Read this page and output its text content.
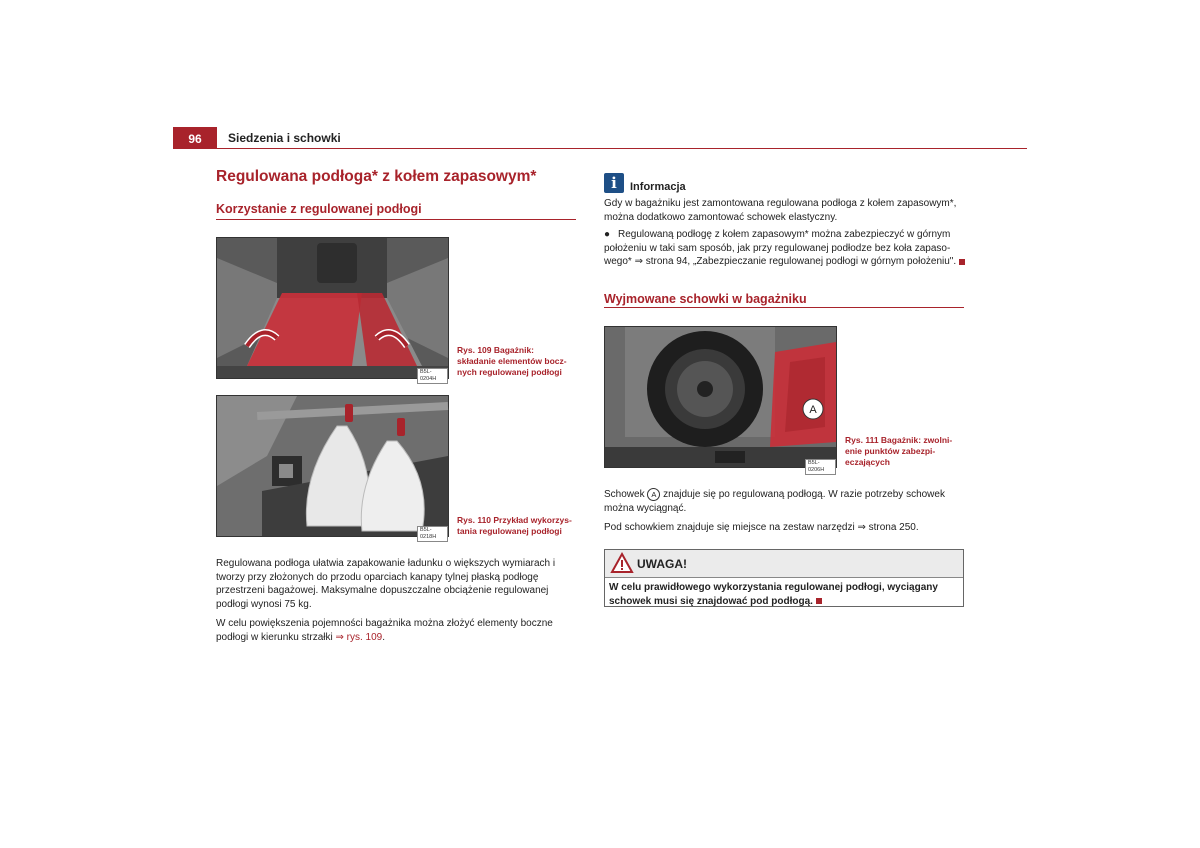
96	Siedzenia i schowki
Regulowana podłoga* z kołem zapasowym*
Korzystanie z regulowanej podłogi
B5L-0204H
Rys. 109 Bagażnik:
składanie elementów bocz-
nych regulowanej podłogi
B5L-0218H
Rys. 110 Przykład wykorzys-
tania regulowanej podłogi

Regulowana podłoga ułatwia zapakowanie ładunku o większych wymiarach i
tworzy przy złożonych do przodu oparciach kanapy tylnej płaską podłogę
przestrzeni bagażowej. Maksymalne dopuszczalne obciążenie regulowanej
podłogi wynosi 75 kg.

W celu powiększenia pojemności bagażnika można złożyć elementy boczne
podłogi w kierunku strzałki ⇒ rys. 109.

i	Informacja

Gdy w bagażniku jest zamontowana regulowana podłoga z kołem zapasowym*,
można dodatkowo zamontować schowek elastyczny.

● Regulowaną podłogę z kołem zapasowym* można zabezpieczyć w górnym
położeniu w taki sam sposób, jak przy regulowanej podłodze bez koła zapaso-
wego* ⇒ strona 94, „Zabezpieczanie regulowanej podłogi w górnym położeniu".
Wyjmowane schowki w bagażniku
A
B5L-0206H
Rys. 111 Bagażnik: zwolni-
enie punktów zabezpi-
eczających

Schowek A znajduje się po regulowaną podłogą. W razie potrzeby schowek
można wyciągnąć.

Pod schowkiem znajduje się miejsce na zestaw narzędzi ⇒ strona 250.

UWAGA!
W celu prawidłowego wykorzystania regulowanej podłogi, wyciągany
schowek musi się znajdować pod podłogą.
